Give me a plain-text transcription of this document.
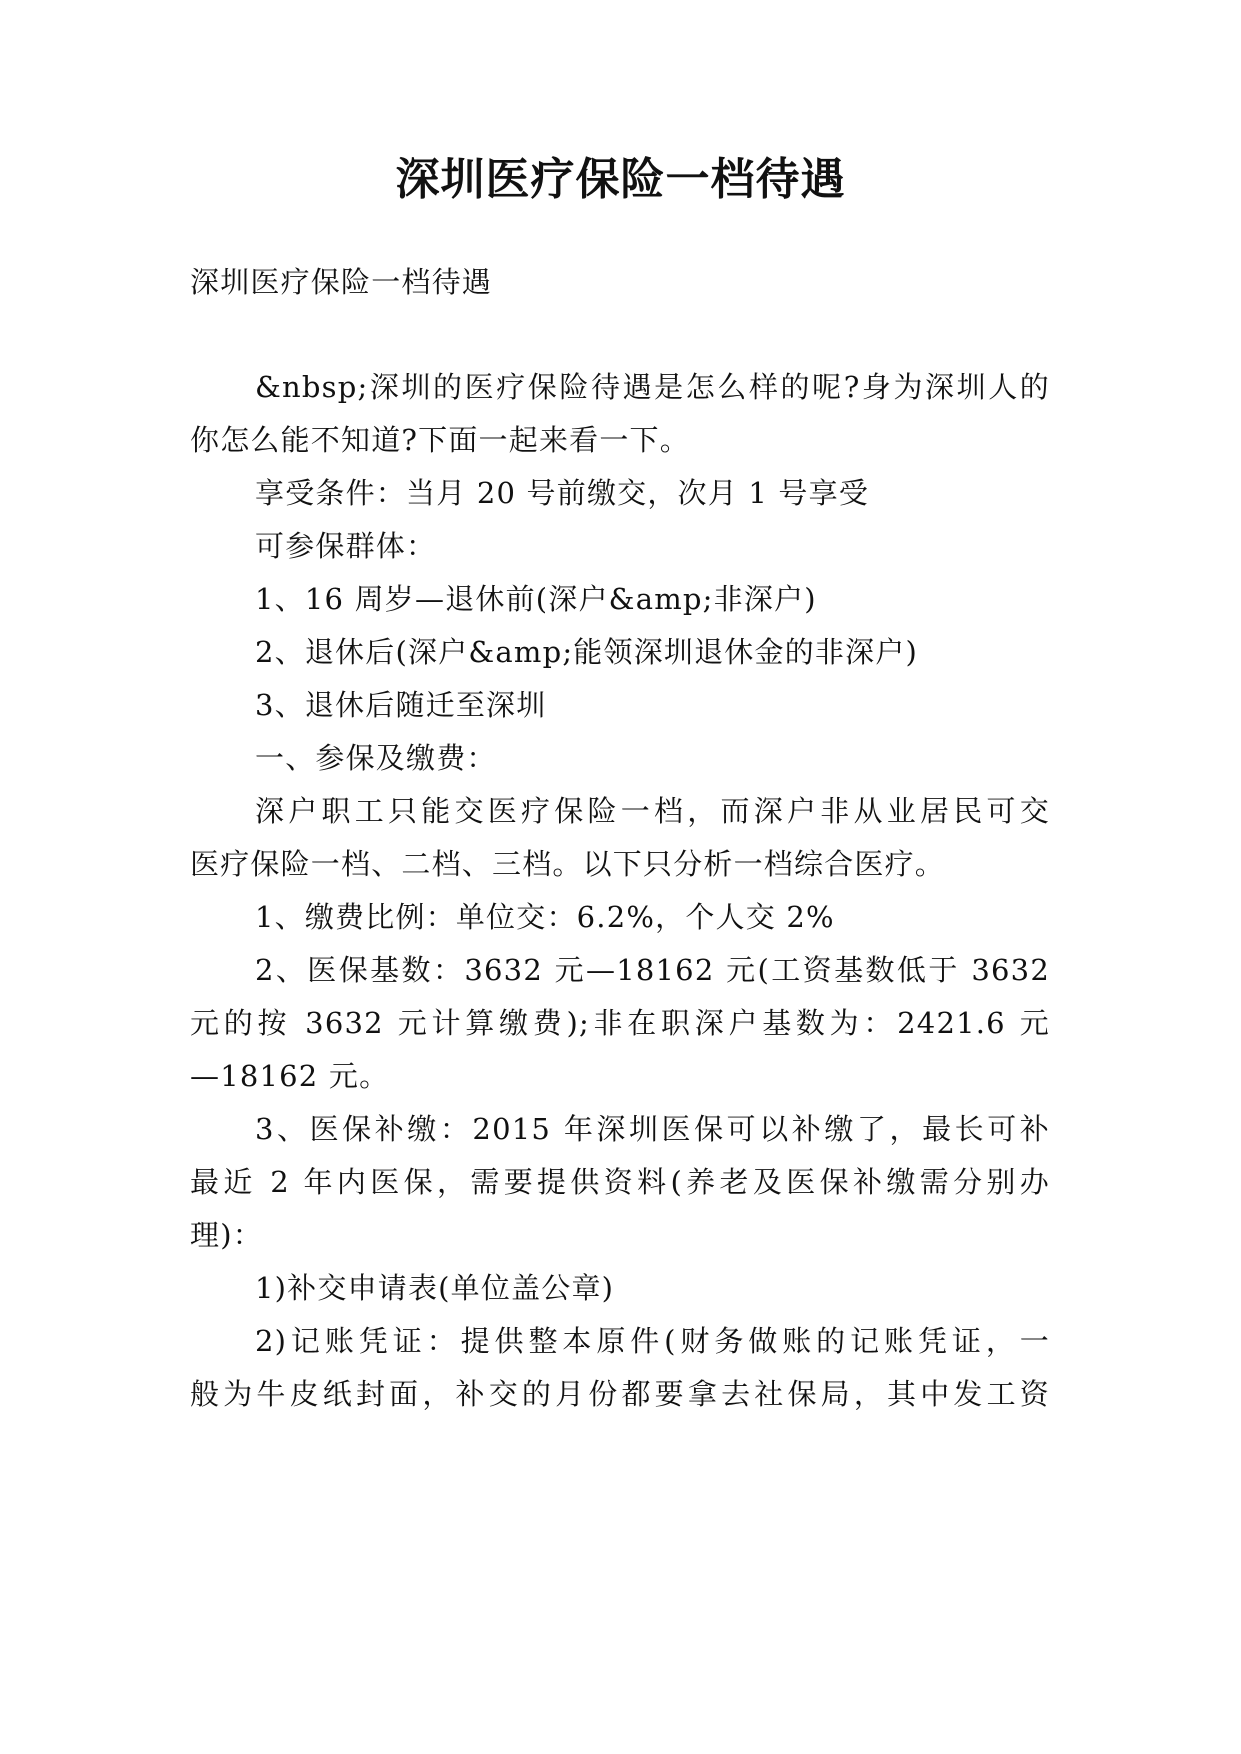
深圳医疗保险一档待遇
深圳医疗保险一档待遇
&nbsp;深圳的医疗保险待遇是怎么样的呢?身为深圳人的
你怎么能不知道?下面一起来看一下。
享受条件：当月 20 号前缴交，次月 1 号享受
可参保群体：
1、16 周岁—退休前(深户&amp;非深户)
2、退休后(深户&amp;能领深圳退休金的非深户)
3、退休后随迁至深圳
一、参保及缴费：
深户职工只能交医疗保险一档，而深户非从业居民可交
医疗保险一档、二档、三档。以下只分析一档综合医疗。
1、缴费比例：单位交：6.2%，个人交 2%
2、医保基数：3632 元—18162 元(工资基数低于 3632
元的按 3632 元计算缴费);非在职深户基数为：2421.6 元
—18162 元。
3、医保补缴：2015 年深圳医保可以补缴了，最长可补
最近 2 年内医保，需要提供资料(养老及医保补缴需分别办
理)：
1)补交申请表(单位盖公章)
2)记账凭证：提供整本原件(财务做账的记账凭证，一
般为牛皮纸封面，补交的月份都要拿去社保局，其中发工资
